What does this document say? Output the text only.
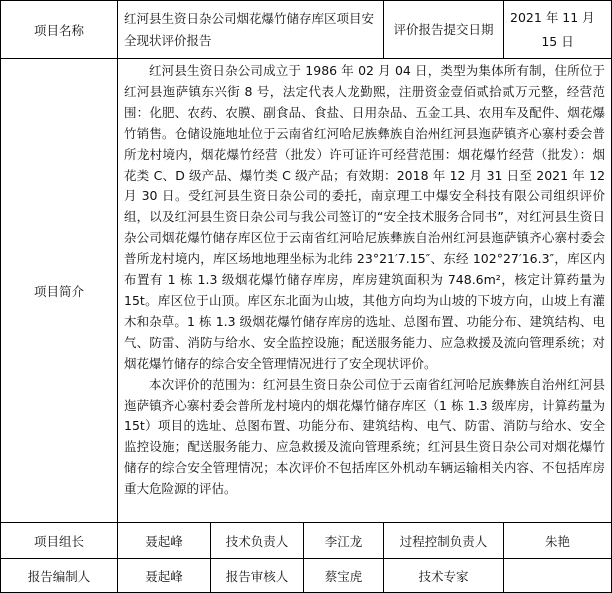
项目名称	红河县生资日杂公司烟花爆竹储存库区项目安全现状评价报告			评价报告提交日期	2021 年 11 月
15 日

项目简介	红河县生资日杂公司成立于 1986 年 02 月 04 日，类型为集体所有制，住所位于红河县迤萨镇东兴街 8 号，法定代表人龙勤熙，注册资金壹佰贰拾贰万元整，经营范围：化肥、农药、农膜、副食品、食盐、日用杂品、五金工具、农用车及配件、烟花爆竹销售。仓储设施地址位于云南省红河哈尼族彝族自治州红河县迤萨镇齐心寨村委会普所龙村境内，烟花爆竹经营（批发）许可证许可经营范围：烟花爆竹经营（批发）：烟花类 C、D 级产品、爆竹类 C 级产品；有效期：2018 年 12 月 31 日至 2021 年 12 月 30 日。受红河县生资日杂公司的委托，南京理工中爆安全科技有限公司组织评价组，以及红河县生资日杂公司与我公司签订的“安全技术服务合同书”，对红河县生资日杂公司烟花爆竹储存库区位于云南省红河哈尼族彝族自治州红河县迤萨镇齐心寨村委会普所龙村境内，库区场地地理坐标为北纬 23°21′7.15″、东经 102°27′16.3″，库区内布置有 1 栋 1.3 级烟花爆竹储存库房，库房建筑面积为 748.6m²，核定计算药量为 15t。库区位于山顶。库区东北面为山坡，其他方向均为山坡的下坡方向，山坡上有灌木和杂草。1 栋 1.3 级烟花爆竹储存库房的选址、总图布置、功能分布、建筑结构、电气、防雷、消防与给水、安全监控设施；配送服务能力、应急救援及流向管理系统；对烟花爆竹储存的综合安全管理情况进行了安全现状评价。

本次评价的范围为：红河县生资日杂公司位于云南省红河哈尼族彝族自治州红河县迤萨镇齐心寨村委会普所龙村境内的烟花爆竹储存库区（1 栋 1.3 级库房，计算药量为 15t）项目的选址、总图布置、功能分布、建筑结构、电气、防雷、消防与给水、安全监控设施；配送服务能力、应急救援及流向管理系统；红河县生资日杂公司对烟花爆竹储存的综合安全管理情况；本次评价不包括库区外机动车辆运输相关内容、不包括库房重大危险源的评估。				

项目组长	聂起峰	技术负责人	李江龙	过程控制负责人	朱艳
报告编制人	聂起峰	报告审核人	蔡宝虎	技术专家	
